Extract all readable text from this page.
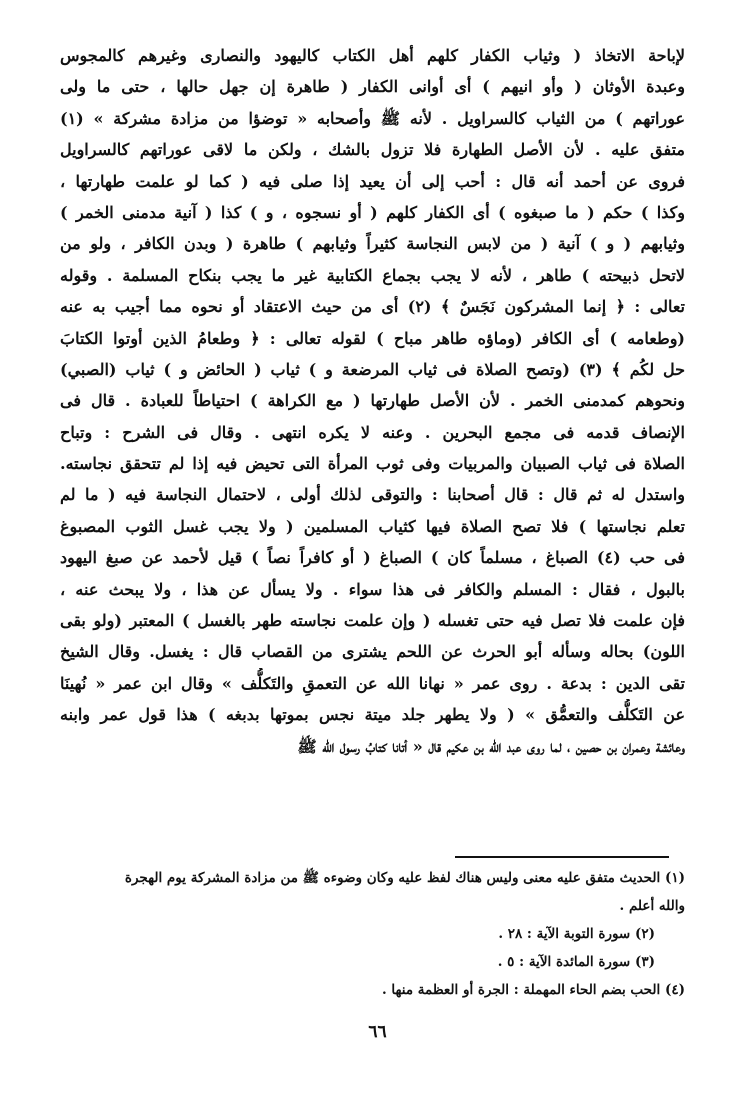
لإباحة الاتخاذ ( وثياب الكفار كلهم أهل الكتاب كاليهود والنصارى وغيرهم كالمجوس
وعبدة الأوثان ( وأو انيهم ) أى أوانى الكفار ( طاهرة إن جهل حالها ، حتى ما ولى
عوراتهم ) من الثياب كالسراويل . لأنه ﷺ وأصحابه « توضؤا من مزادة مشركة » (١)
متفق عليه . لأن الأصل الطهارة فلا تزول بالشك ، ولكن ما لاقى عوراتهم كالسراويل
فروى عن أحمد أنه قال : أحب إلى أن يعيد إذا صلى فيه ( كما لو علمت طهارتها ،
وكذا ) حكم ( ما صبغوه ) أى الكفار كلهم ( أو نسجوه ، و ) كذا ( آنية مدمنى الخمر )
وثيابهم ( و ) آنية ( من لابس النجاسة كثيراً وثيابهم ) طاهرة ( وبدن الكافر ، ولو من
لاتحل ذبيحته ) طاهر ، لأنه لا يجب بجماع الكتابية غير ما يجب بنكاح المسلمة . وقوله
تعالى : ﴿ إنما المشركون نَجَسٌ ﴾ (٢) أى من حيث الاعتقاد أو نحوه مما أجيب به عنه
(وطعامه ) أى الكافر (وماؤه طاهر مباح ) لقوله تعالى : ﴿ وطعامُ الذين أوتوا الكتابَ
حل لكُم ﴾ (٣) (وتصح الصلاة فى ثياب المرضعة و ) ثياب ( الحائض و ) ثياب (الصبي)
ونحوهم كمدمنى الخمر . لأن الأصل طهارتها ( مع الكراهة ) احتياطاً للعبادة . قال فى
الإنصاف قدمه فى مجمع البحرين . وعنه لا يكره انتهى . وقال فى الشرح : وتباح
الصلاة فى ثياب الصبيان والمربيات وفى ثوب المرأة التى تحيض فيه إذا لم تتحقق نجاسته.
واستدل له ثم قال : قال أصحابنا : والتوقى لذلك أولى ، لاحتمال النجاسة فيه ( ما لم
تعلم نجاستها ) فلا تصح الصلاة فيها كثياب المسلمين ( ولا يجب غسل الثوب المصبوغ
فى حب (٤) الصباغ ، مسلماً كان ) الصباغ ( أو كافراً نصاً ) قيل لأحمد عن صبغ اليهود
بالبول ، فقال : المسلم والكافر فى هذا سواء . ولا يسأل عن هذا ، ولا يبحث عنه ،
فإن علمت فلا تصل فيه حتى تغسله ( وإن علمت نجاسته طهر بالغسل ) المعتبر (ولو بقى
اللون) بحاله وسأله أبو الحرث عن اللحم يشترى من القصاب قال : يغسل. وقال الشيخ
تقى الدين : بدعة . روى عمر « نهانا الله عن التعمقِ والتَكلُّف » وقال ابن عمر « نُهينَا
عن التَكلُّف والتعمُّق » ( ولا يطهر جلد ميتة نجس بموتها بدبغه ) هذا قول عمر وابنه
وعائشة وعمران بن حصين ، لما روى عبد الله بن عكيم قال « أتانا كتابُ رسول الله ﷺ
(١) الحديث متفق عليه معنى وليس هناك لفظ عليه وكان وضوءه ﷺ من مزادة المشركة يوم الهجرة
والله أعلم .
(٢) سورة التوبة الآية : ٢٨ .
(٣) سورة المائدة الآية : ٥ .
(٤) الحب بضم الحاء المهملة : الجرة أو العظمة منها .
٦٦
